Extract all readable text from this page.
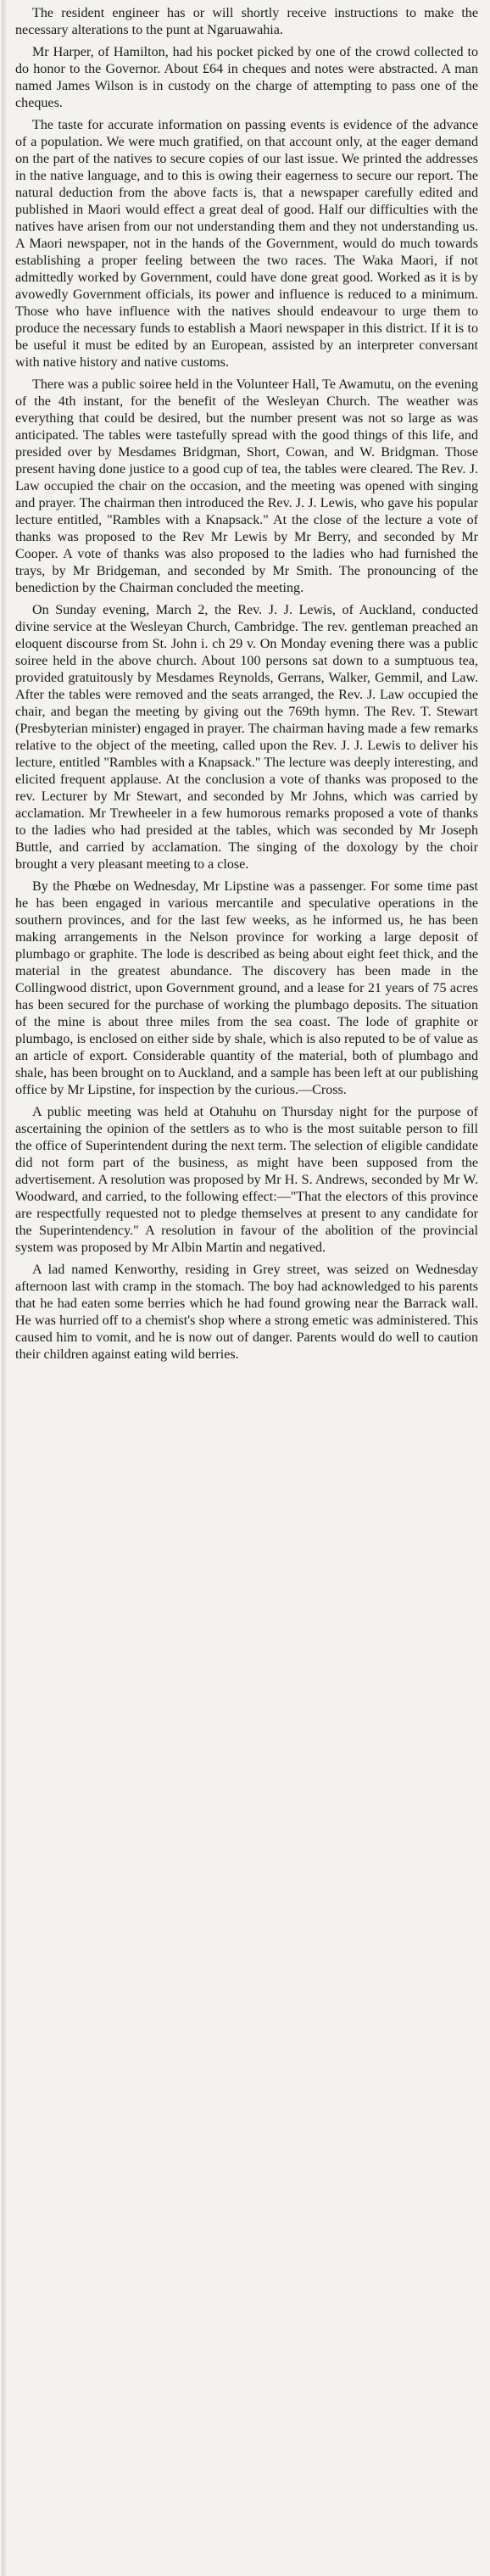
The resident engineer has or will shortly receive instructions to make the necessary alterations to the punt at Ngaruawahia.

Mr Harper, of Hamilton, had his pocket picked by one of the crowd collected to do honor to the Governor. About £64 in cheques and notes were abstracted. A man named James Wilson is in custody on the charge of attempting to pass one of the cheques.

The taste for accurate information on passing events is evidence of the advance of a population. We were much gratified, on that account only, at the eager demand on the part of the natives to secure copies of our last issue. We printed the addresses in the native language, and to this is owing their eagerness to secure our report. The natural deduction from the above facts is, that a newspaper carefully edited and published in Maori would effect a great deal of good. Half our difficulties with the natives have arisen from our not understanding them and they not understanding us. A Maori newspaper, not in the hands of the Government, would do much towards establishing a proper feeling between the two races. The Waka Maori, if not admittedly worked by Government, could have done great good. Worked as it is by avowedly Government officials, its power and influence is reduced to a minimum. Those who have influence with the natives should endeavour to urge them to produce the necessary funds to establish a Maori newspaper in this district. If it is to be useful it must be edited by an European, assisted by an interpreter conversant with native history and native customs.

There was a public soiree held in the Volunteer Hall, Te Awamutu, on the evening of the 4th instant, for the benefit of the Wesleyan Church. The weather was everything that could be desired, but the number present was not so large as was anticipated. The tables were tastefully spread with the good things of this life, and presided over by Mesdames Bridgman, Short, Cowan, and W. Bridgman. Those present having done justice to a good cup of tea, the tables were cleared. The Rev. J. Law occupied the chair on the occasion, and the meeting was opened with singing and prayer. The chairman then introduced the Rev. J. J. Lewis, who gave his popular lecture entitled, "Rambles with a Knapsack." At the close of the lecture a vote of thanks was proposed to the Rev Mr Lewis by Mr Berry, and seconded by Mr Cooper. A vote of thanks was also proposed to the ladies who had furnished the trays, by Mr Bridgeman, and seconded by Mr Smith. The pronouncing of the benediction by the Chairman concluded the meeting.

On Sunday evening, March 2, the Rev. J. J. Lewis, of Auckland, conducted divine service at the Wesleyan Church, Cambridge. The rev. gentleman preached an eloquent discourse from St. John i. ch 29 v. On Monday evening there was a public soiree held in the above church. About 100 persons sat down to a sumptuous tea, provided gratuitously by Mesdames Reynolds, Gerrans, Walker, Gemmil, and Law. After the tables were removed and the seats arranged, the Rev. J. Law occupied the chair, and began the meeting by giving out the 769th hymn. The Rev. T. Stewart (Presbyterian minister) engaged in prayer. The chairman having made a few remarks relative to the object of the meeting, called upon the Rev. J. J. Lewis to deliver his lecture, entitled "Rambles with a Knapsack." The lecture was deeply interesting, and elicited frequent applause. At the conclusion a vote of thanks was proposed to the rev. Lecturer by Mr Stewart, and seconded by Mr Johns, which was carried by acclamation. Mr Trewheeler in a few humorous remarks proposed a vote of thanks to the ladies who had presided at the tables, which was seconded by Mr Joseph Buttle, and carried by acclamation. The singing of the doxology by the choir brought a very pleasant meeting to a close.

By the Phœbe on Wednesday, Mr Lipstine was a passenger. For some time past he has been engaged in various mercantile and speculative operations in the southern provinces, and for the last few weeks, as he informed us, he has been making arrangements in the Nelson province for working a large deposit of plumbago or graphite. The lode is described as being about eight feet thick, and the material in the greatest abundance. The discovery has been made in the Collingwood district, upon Government ground, and a lease for 21 years of 75 acres has been secured for the purchase of working the plumbago deposits. The situation of the mine is about three miles from the sea coast. The lode of graphite or plumbago, is enclosed on either side by shale, which is also reputed to be of value as an article of export. Considerable quantity of the material, both of plumbago and shale, has been brought on to Auckland, and a sample has been left at our publishing office by Mr Lipstine, for inspection by the curious.—Cross.

A public meeting was held at Otahuhu on Thursday night for the purpose of ascertaining the opinion of the settlers as to who is the most suitable person to fill the office of Superintendent during the next term. The selection of eligible candidate did not form part of the business, as might have been supposed from the advertisement. A resolution was proposed by Mr H. S. Andrews, seconded by Mr W. Woodward, and carried, to the following effect:—"That the electors of this province are respectfully requested not to pledge themselves at present to any candidate for the Superintendency." A resolution in favour of the abolition of the provincial system was proposed by Mr Albin Martin and negatived.

A lad named Kenworthy, residing in Grey street, was seized on Wednesday afternoon last with cramp in the stomach. The boy had acknowledged to his parents that he had eaten some berries which he had found growing near the Barrack wall. He was hurried off to a chemist's shop where a strong emetic was administered. This caused him to vomit, and he is now out of danger. Parents would do well to caution their children against eating wild berries.
